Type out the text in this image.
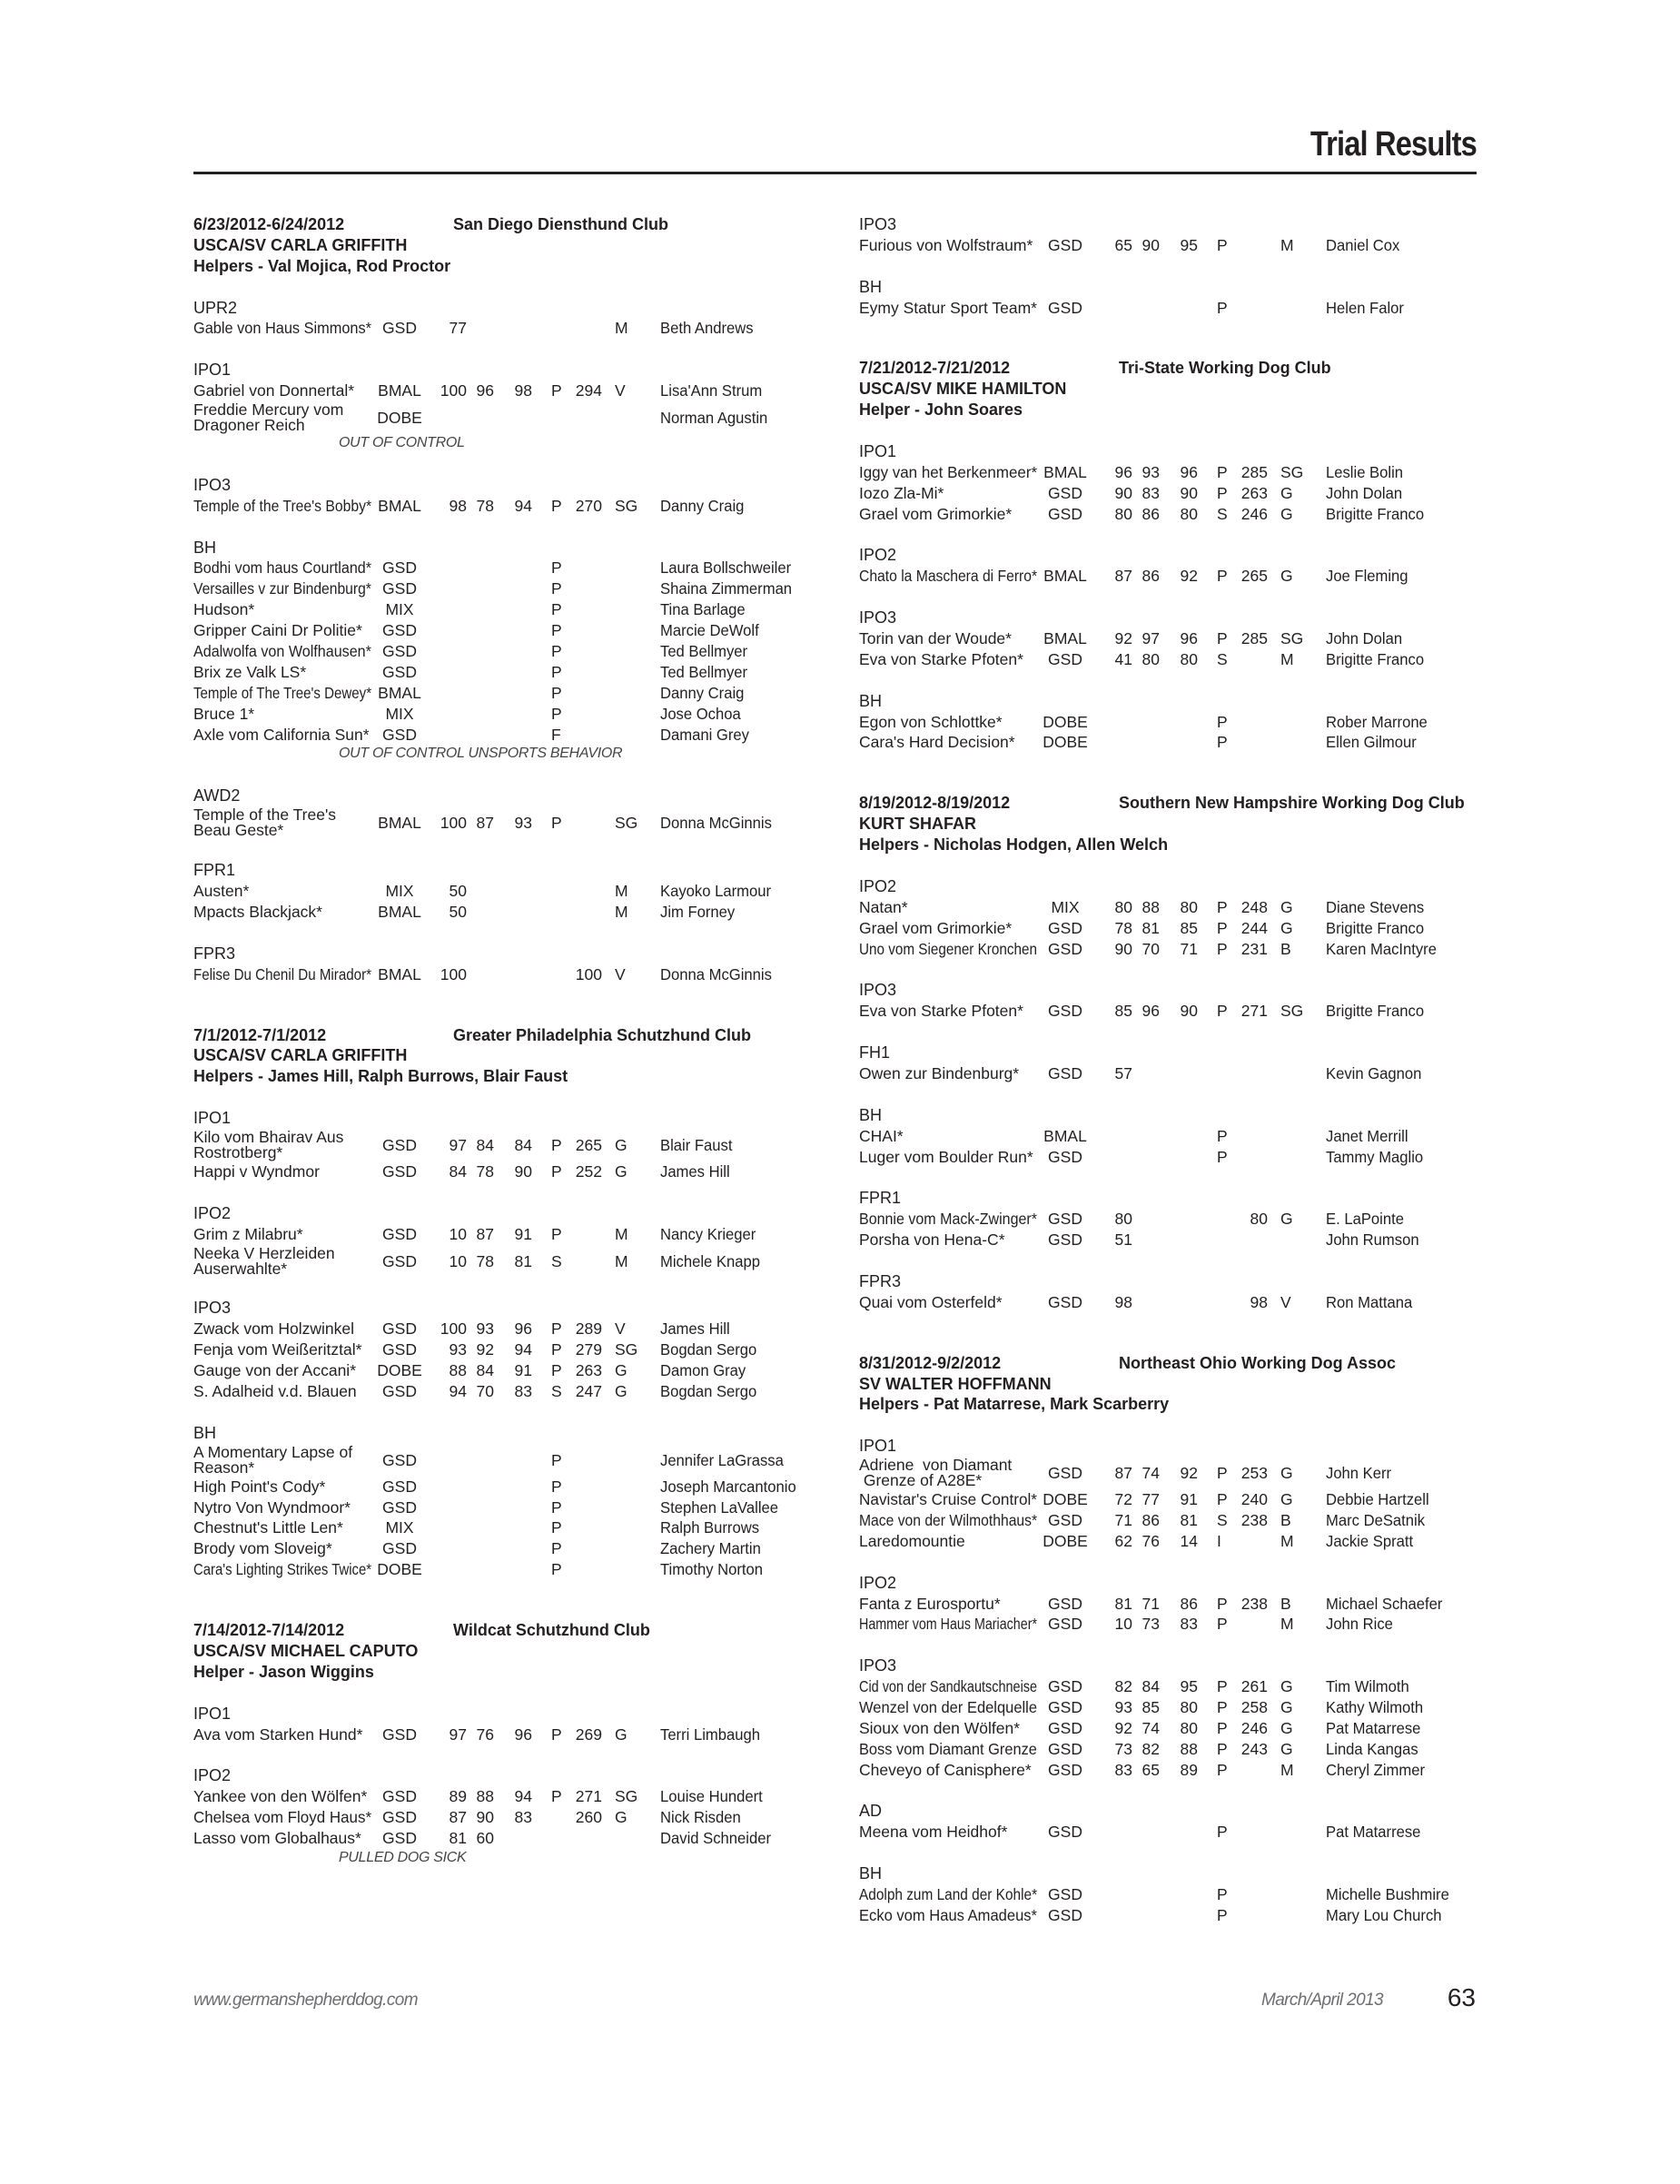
Trial Results
6/23/2012-6/24/2012	San Diego Diensthund Club
USCA/SV CARLA GRIFFITH
Helpers - Val Mojica, Rod Proctor
UPR2
Gable von Haus Simmons* GSD	77	M Beth Andrews
IPO1
Gabriel von Donnertal* BMAL 100 96	98 P 294 V Lisa'Ann Strum
Freddie Mercury vom
Dragoner Reich	DOBE	Norman Agustin
OUT OF CONTROL
IPO3
Temple of the Tree's Bobby* BMAL	98 78	94 P 270 SG Danny Craig
BH
Bodhi vom haus Courtland* GSD	P	Laura Bollschweiler
Versailles v zur Bindenburg* GSD	P	Shaina Zimmerman
Hudson*	MIX	P	Tina Barlage
Gripper Caini Dr Politie*	GSD	P	Marcie DeWolf
Adalwolfa von Wolfhausen* GSD	P	Ted Bellmyer
Brix ze Valk LS*	GSD	P	Ted Bellmyer
Temple of The Tree's Dewey* BMAL	P	Danny Craig
Bruce 1*	MIX	P	Jose Ochoa
Axle vom California Sun* GSD	F	Damani Grey
OUT OF CONTROL UNSPORTS BEHAVIOR
AWD2
Temple of the Tree's
Beau Geste*	BMAL 100 87	93 P	SG Donna McGinnis
FPR1
Austen*	MIX	50	M Kayoko Larmour
Mpacts Blackjack*	BMAL	50	M Jim Forney
FPR3
Felise Du Chenil Du Mirador* BMAL 100	100 V Donna McGinnis
7/1/2012-7/1/2012	Greater Philadelphia Schutzhund Club
USCA/SV CARLA GRIFFITH
Helpers - James Hill, Ralph Burrows, Blair Faust
IPO1
Kilo vom Bhairav Aus
Rostrotberg*	GSD	97 84	84 P 265 G Blair Faust
Happi v Wyndmor	GSD	84 78	90 P 252 G James Hill
IPO2
Grim z Milabru*	GSD	10 87	91 P	M Nancy Krieger
Neeka V Herzleiden
Auserwahlte*	GSD	10 78	81 S	M Michele Knapp
IPO3
Zwack vom Holzwinkel	GSD	100 93	96 P 289 V James Hill
Fenja vom Weißeritztal*	GSD	93 92	94 P 279 SG Bogdan Sergo
Gauge von der Accani* DOBE	88 84	91 P 263 G Damon Gray
S. Adalheid v.d. Blauen	GSD	94 70	83 S 247 G Bogdan Sergo
BH
A Momentary Lapse of
Reason*	GSD	P	Jennifer LaGrassa
High Point's Cody*	GSD	P	Joseph Marcantonio
Nytro Von Wyndmoor*	GSD	P	Stephen LaVallee
Chestnut's Little Len*	MIX	P	Ralph Burrows
Brody vom Sloveig*	GSD	P	Zachery Martin
Cara's Lighting Strikes Twice* DOBE	P	Timothy Norton
7/14/2012-7/14/2012	Wildcat Schutzhund Club
USCA/SV MICHAEL CAPUTO
Helper - Jason Wiggins
IPO1
Ava vom Starken Hund*	GSD	97 76	96 P 269 G Terri Limbaugh
IPO2
Yankee von den Wölfen* GSD	89 88	94 P 271 SG Louise Hundert
Chelsea vom Floyd Haus* GSD	87 90	83	260 G Nick Risden
Lasso vom Globalhaus*	GSD	81 60	David Schneider
PULLED DOG SICK
IPO3
Furious von Wolfstraum* GSD	65 90	95 P	M Daniel Cox
BH
Eymy Statur Sport Team* GSD	P	Helen Falor
7/21/2012-7/21/2012	Tri-State Working Dog Club
USCA/SV MIKE HAMILTON
Helper - John Soares
IPO1
Iggy van het Berkenmeer* BMAL	96 93	96 P 285 SG Leslie Bolin
Iozo Zla-Mi*	GSD	90 83	90 P 263 G John Dolan
Grael vom Grimorkie*	GSD	80 86	80 S 246 G Brigitte Franco
IPO2
Chato la Maschera di Ferro* BMAL	87 86	92 P 265 G Joe Fleming
IPO3
Torin van der Woude* BMAL	92 97	96 P 285 SG John Dolan
Eva von Starke Pfoten*	GSD	41 80	80 S	M Brigitte Franco
BH
Egon von Schlottke*	DOBE	P	Rober Marrone
Cara's Hard Decision* DOBE	P	Ellen Gilmour
8/19/2012-8/19/2012	Southern New Hampshire Working Dog Club
KURT SHAFAR
Helpers - Nicholas Hodgen, Allen Welch
IPO2
Natan*	MIX	80 88	80 P 248 G Diane Stevens
Grael vom Grimorkie*	GSD	78 81	85 P 244 G Brigitte Franco
Uno vom Siegener Kronchen GSD	90 70	71 P 231 B Karen MacIntyre
IPO3
Eva von Starke Pfoten*	GSD	85 96	90 P 271 SG Brigitte Franco
FH1
Owen zur Bindenburg*	GSD	57	Kevin Gagnon
BH
CHAI*	BMAL	P	Janet Merrill
Luger vom Boulder Run* GSD	P	Tammy Maglio
FPR1
Bonnie vom Mack-Zwinger* GSD	80	80 G E. LaPointe
Porsha von Hena-C*	GSD	51	John Rumson
FPR3
Quai vom Osterfeld*	GSD	98	98 V Ron Mattana
8/31/2012-9/2/2012	Northeast Ohio Working Dog Assoc
SV WALTER HOFFMANN
Helpers - Pat Matarrese, Mark Scarberry
IPO1
Adriene  von Diamant
Grenze of A28E*	GSD	87 74	92 P 253 G John Kerr
Navistar's Cruise Control* DOBE	72 77	91 P 240 G Debbie Hartzell
Mace von der Wilmothhaus* GSD	71 86	81 S 238 B Marc DeSatnik
Laredomountie	DOBE	62 76	14 I	M Jackie Spratt
IPO2
Fanta z Eurosportu*	GSD	81 71	86 P 238 B Michael Schaefer
Hammer vom Haus Mariacher* GSD	10 73	83 P	M John Rice
IPO3
Cid von der Sandkautschneise GSD	82 84	95 P 261 G Tim Wilmoth
Wenzel von der Edelquelle GSD	93 85	80 P 258 G Kathy Wilmoth
Sioux von den Wölfen*	GSD	92 74	80 P 246 G Pat Matarrese
Boss vom Diamant Grenze GSD	73 82	88 P 243 G Linda Kangas
Cheveyo of Canisphere*	GSD	83 65	89 P	M Cheryl Zimmer
AD
Meena vom Heidhof*	GSD	P	Pat Matarrese
BH
Adolph zum Land der Kohle* GSD	P	Michelle Bushmire
Ecko vom Haus Amadeus* GSD	P	Mary Lou Church
www.germanshepherddog.com	March/April 2013	63
